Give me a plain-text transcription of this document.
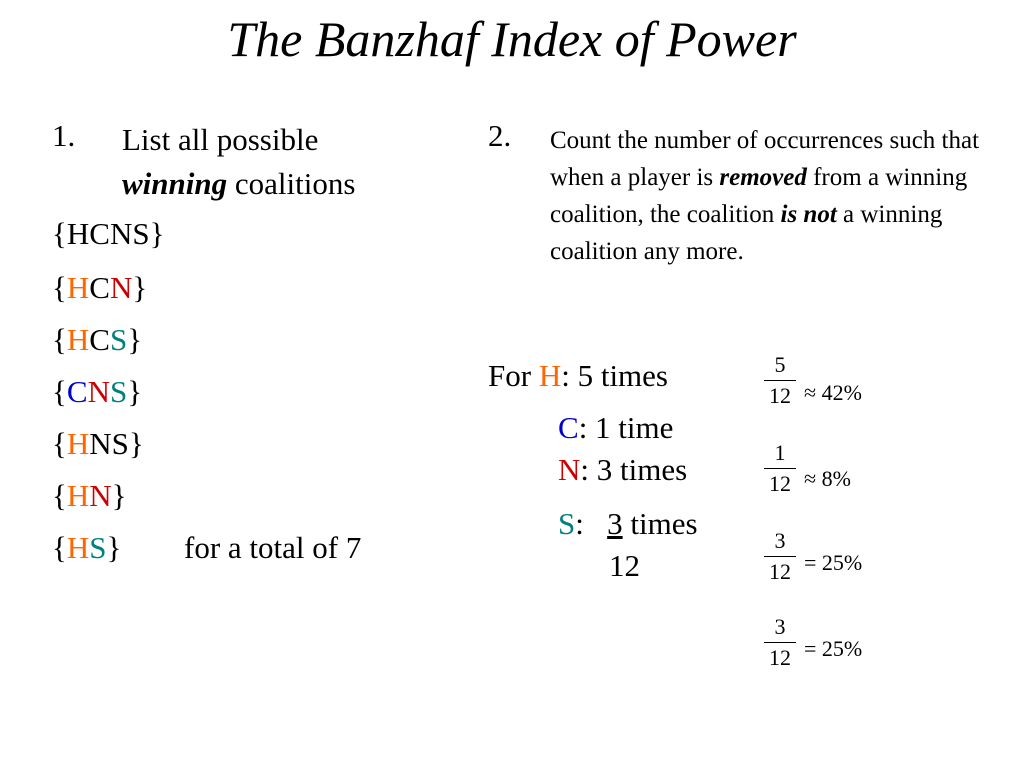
The Banzhaf Index of Power
1. List all possible
winning coalitions
{HCNS}
{HCN}
{HCS}
{CNS}
{HNS}
{HN}
{HS} for a total of 7
2. Count the number of occurrences such that when a player is removed from a winning coalition, the coalition is not a winning coalition any more.
For H: 5 times
C: 1 time
N: 3 times
S:   3 times
12
5
12 ≈ 42%
1
12 ≈ 8%
3
12 = 25%
3
12 = 25%
